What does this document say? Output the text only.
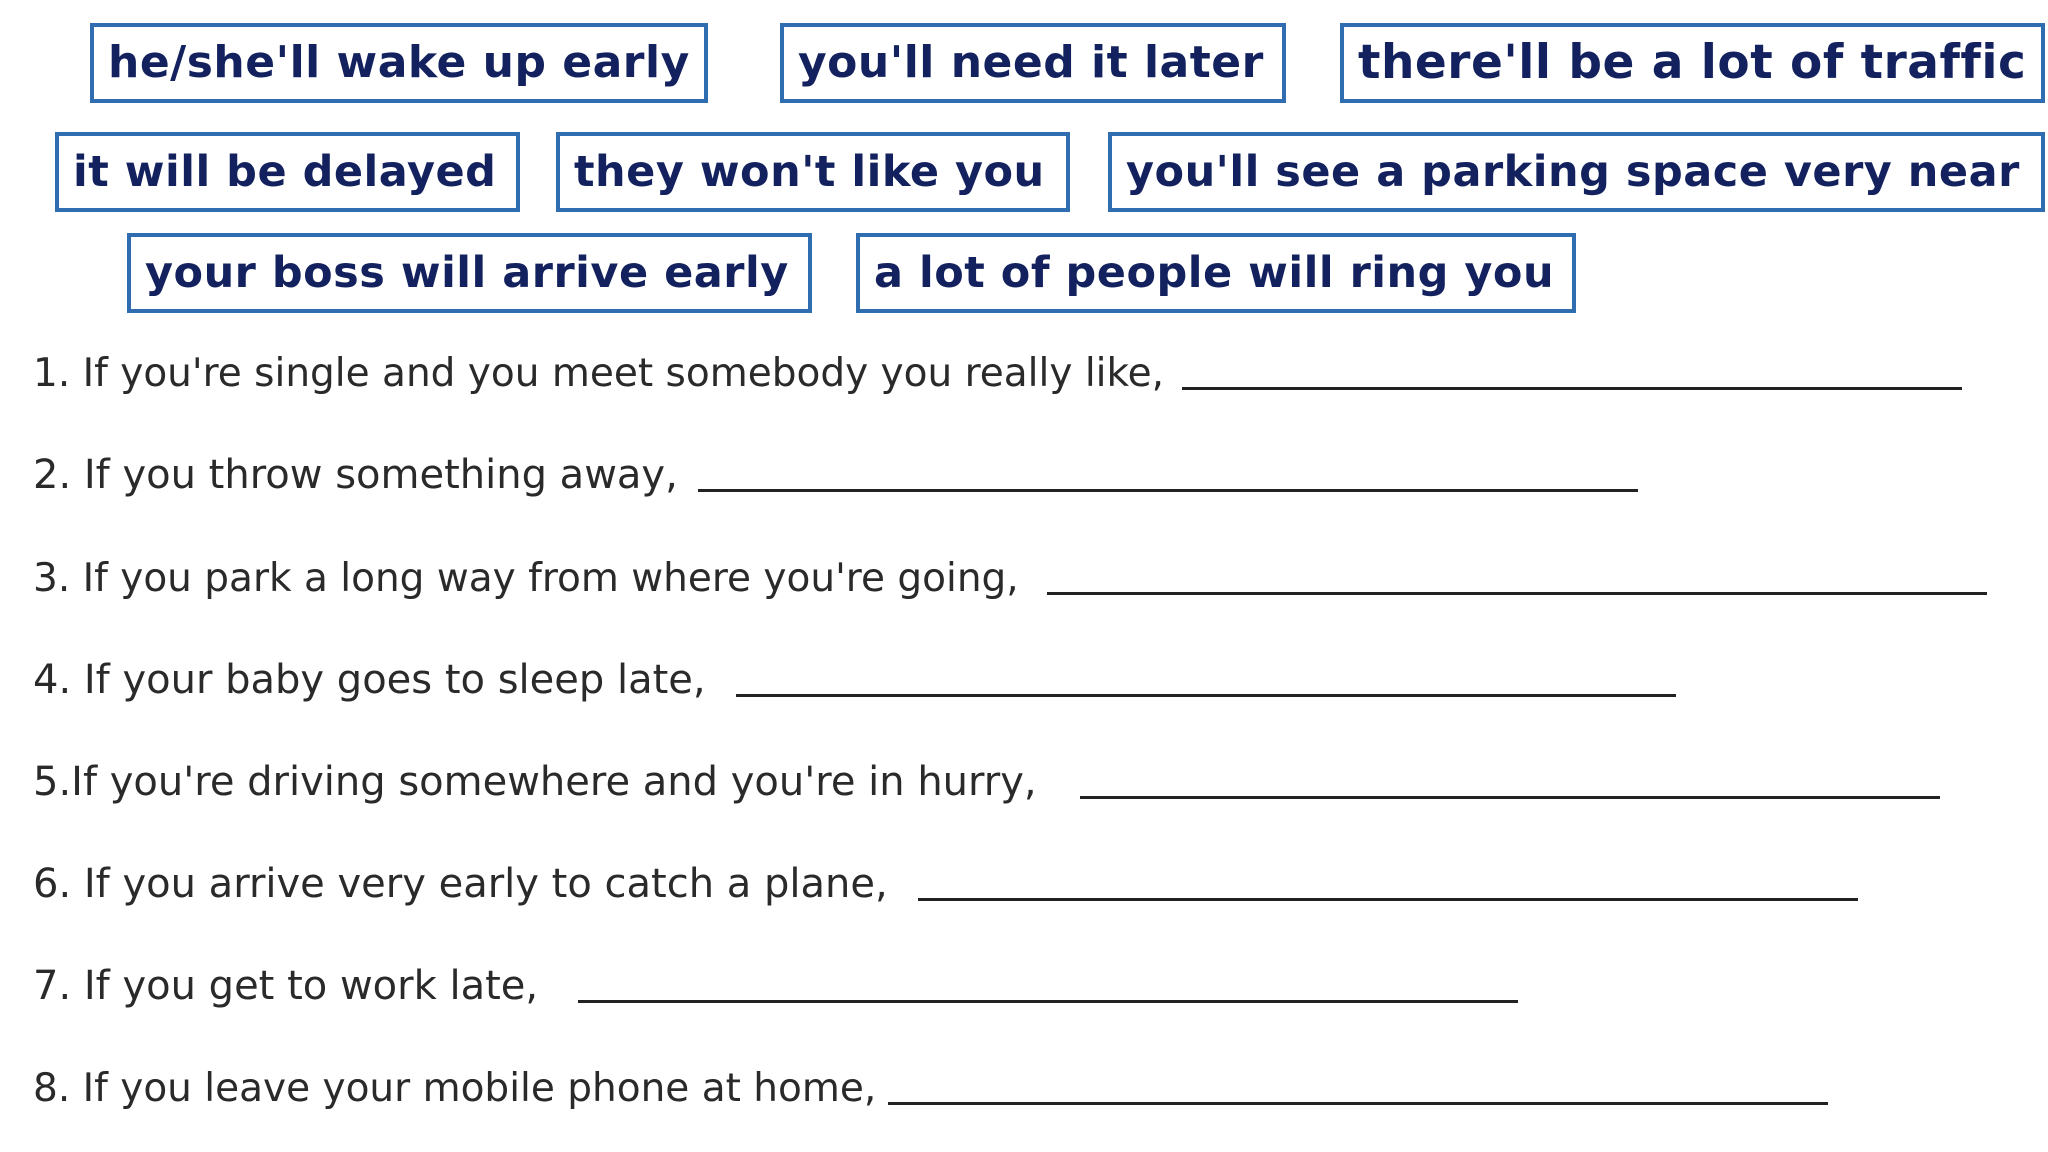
he/she'll wake up early	you'll need it later	there'll be a lot of traffic
it will be delayed	they won't like you	you'll see a parking space very near
your boss will arrive early	a lot of people will ring you
1. If you're single and you meet somebody you really like,
2. If you throw something away,
3. If you park a long way from where you're going,
4. If your baby goes to sleep late,
5.If you're driving somewhere and you're in hurry,
6. If you arrive very early to catch a plane,
7. If you get to work late,
8. If you leave your mobile phone at home,
